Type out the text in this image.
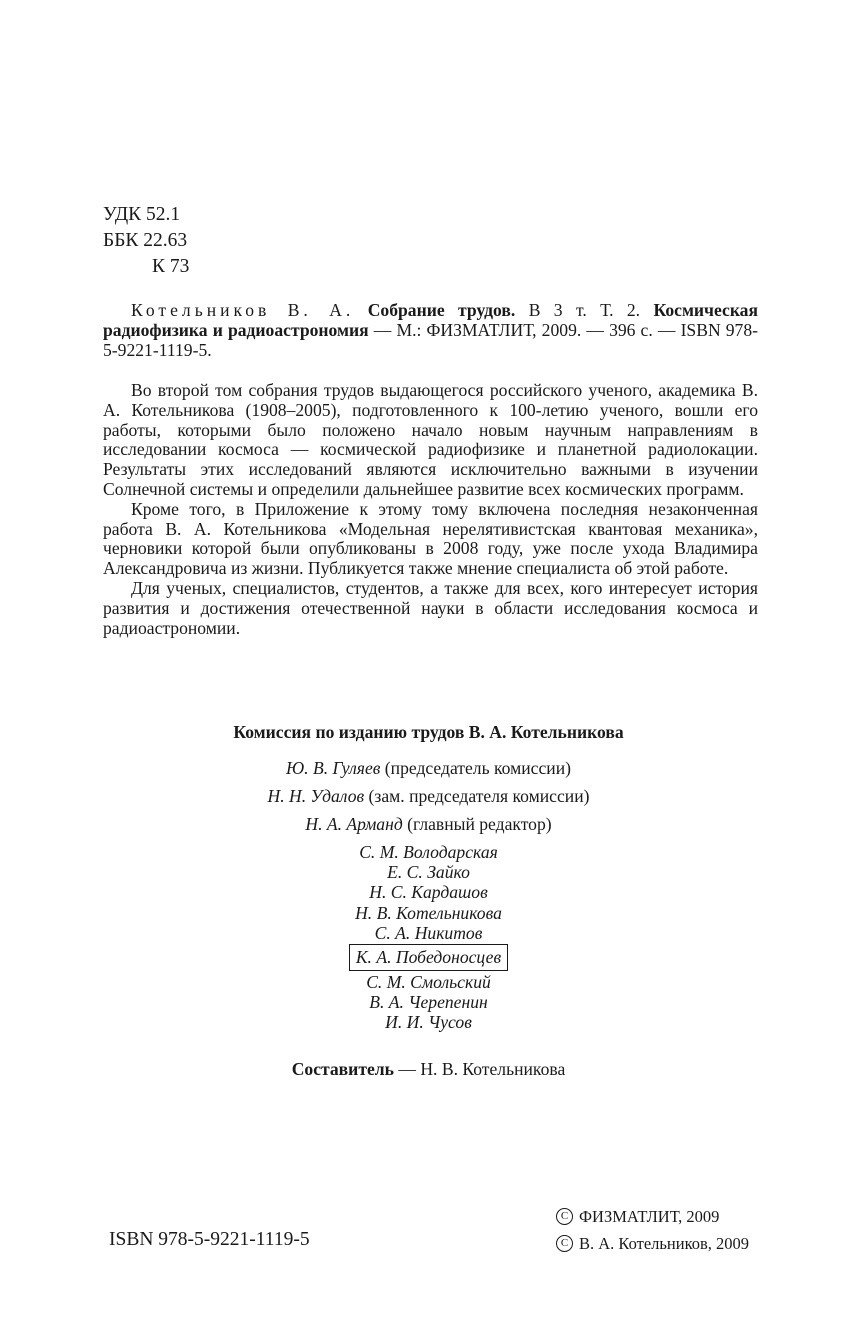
УДК 52.1
ББК 22.63
К 73

Котельников В. А. Собрание трудов. В 3 т. Т. 2. Космическая радиофизика и радиоастрономия — М.: ФИЗМАТЛИТ, 2009. — 396 с. — ISBN 978-5-9221-1119-5.

Во второй том собрания трудов выдающегося российского ученого, академика В. А. Котельникова (1908–2005), подготовленного к 100-летию ученого, вошли его работы, которыми было положено начало новым научным направлениям в исследовании космоса — космической радиофизике и планетной радиолокации. Результаты этих исследований являются исключительно важными в изучении Солнечной системы и определили дальнейшее развитие всех космических программ.

Кроме того, в Приложение к этому тому включена последняя незаконченная работа В. А. Котельникова «Модельная нерелятивистская квантовая механика», черновики которой были опубликованы в 2008 году, уже после ухода Владимира Александровича из жизни. Публикуется также мнение специалиста об этой работе.

Для ученых, специалистов, студентов, а также для всех, кого интересует история развития и достижения отечественной науки в области исследования космоса и радиоастрономии.

Комиссия по изданию трудов В. А. Котельникова
Ю. В. Гуляев (председатель комиссии)
Н. Н. Удалов (зам. председателя комиссии)
Н. А. Арманд (главный редактор)
С. М. Володарская
Е. С. Зайко
Н. С. Кардашов
Н. В. Котельникова
С. А. Никитов
К. А. Победоносцев
С. М. Смольский
В. А. Черепенин
И. И. Чусов
Составитель — Н. В. Котельникова
ISBN 978-5-9221-1119-5
C ФИЗМАТЛИТ, 2009
C В. А. Котельников, 2009
